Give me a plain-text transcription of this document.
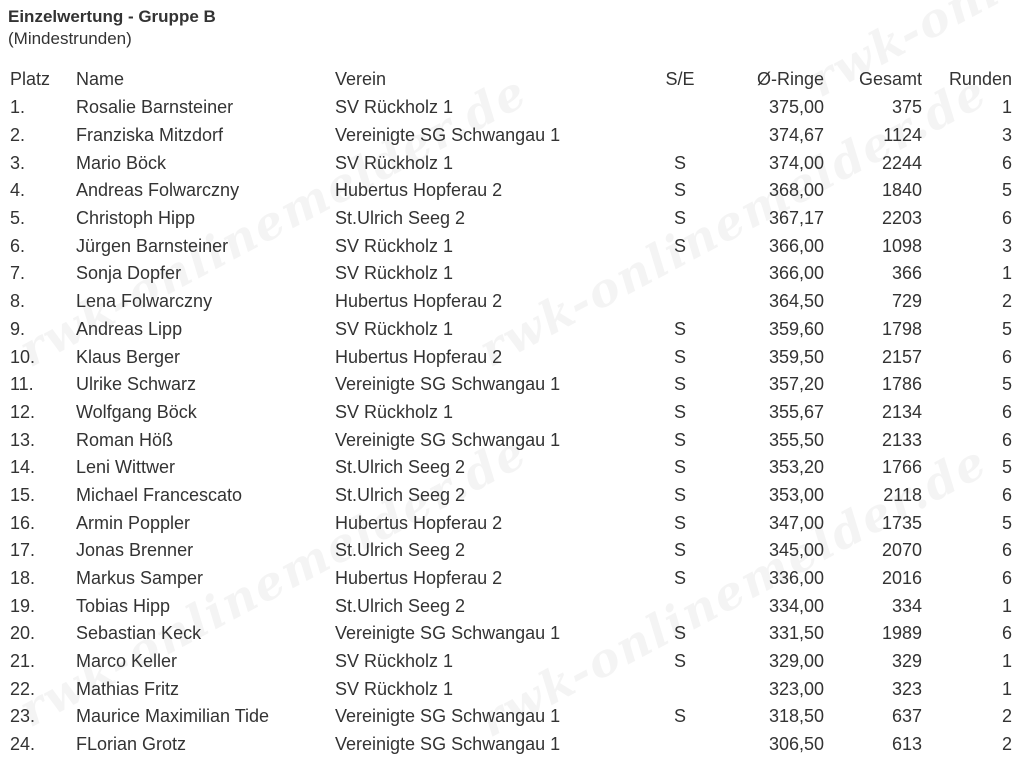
Einzelwertung - Gruppe B
(Mindestrunden)
Platz	Name	Verein	S/E	Ø-Ringe	Gesamt	Runden
1.	Rosalie Barnsteiner	SV Rückholz 1		375,00	375	1
2.	Franziska Mitzdorf	Vereinigte SG Schwangau 1		374,67	1124	3
3.	Mario Böck	SV Rückholz 1	S	374,00	2244	6
4.	Andreas Folwarczny	Hubertus Hopferau 2	S	368,00	1840	5
5.	Christoph Hipp	St.Ulrich Seeg 2	S	367,17	2203	6
6.	Jürgen Barnsteiner	SV Rückholz 1	S	366,00	1098	3
7.	Sonja Dopfer	SV Rückholz 1		366,00	366	1
8.	Lena Folwarczny	Hubertus Hopferau 2		364,50	729	2
9.	Andreas Lipp	SV Rückholz 1	S	359,60	1798	5
10.	Klaus Berger	Hubertus Hopferau 2	S	359,50	2157	6
11.	Ulrike Schwarz	Vereinigte SG Schwangau 1	S	357,20	1786	5
12.	Wolfgang Böck	SV Rückholz 1	S	355,67	2134	6
13.	Roman Höß	Vereinigte SG Schwangau 1	S	355,50	2133	6
14.	Leni Wittwer	St.Ulrich Seeg 2	S	353,20	1766	5
15.	Michael Francescato	St.Ulrich Seeg 2	S	353,00	2118	6
16.	Armin Poppler	Hubertus Hopferau 2	S	347,00	1735	5
17.	Jonas Brenner	St.Ulrich Seeg 2	S	345,00	2070	6
18.	Markus Samper	Hubertus Hopferau 2	S	336,00	2016	6
19.	Tobias Hipp	St.Ulrich Seeg 2		334,00	334	1
20.	Sebastian Keck	Vereinigte SG Schwangau 1	S	331,50	1989	6
21.	Marco Keller	SV Rückholz 1	S	329,00	329	1
22.	Mathias Fritz	SV Rückholz 1		323,00	323	1
23.	Maurice Maximilian Tide	Vereinigte SG Schwangau 1	S	318,50	637	2
24.	FLorian Grotz	Vereinigte SG Schwangau 1		306,50	613	2
